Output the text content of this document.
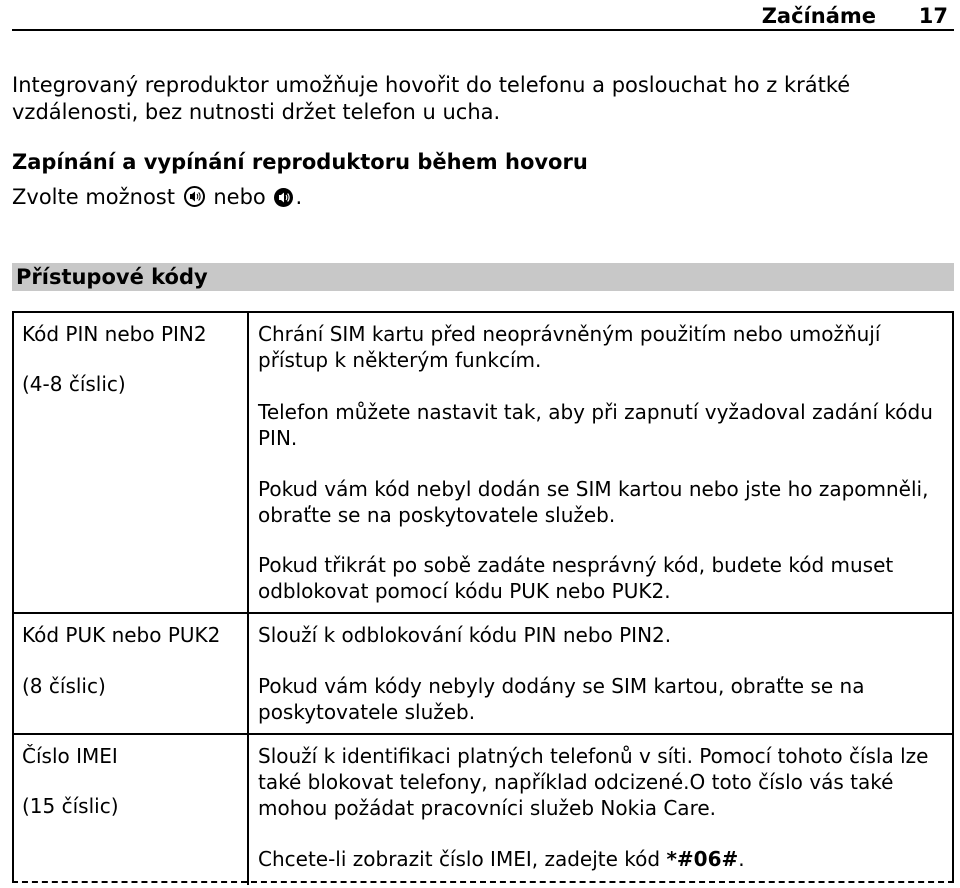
Začínáme 17
Integrovaný reproduktor umožňuje hovořit do telefonu a poslouchat ho z krátké vzdálenosti, bez nutnosti držet telefon u ucha.
Zapínání a vypínání reproduktoru během hovoru
Zvolte možnost nebo .
Přístupové kódy
Kód PIN nebo PIN2
(4-8 číslic)
Chrání SIM kartu před neoprávněným použitím nebo umožňují přístup k některým funkcím.
Telefon můžete nastavit tak, aby při zapnutí vyžadoval zadání kódu PIN.
Pokud vám kód nebyl dodán se SIM kartou nebo jste ho zapomněli, obraťte se na poskytovatele služeb.
Pokud třikrát po sobě zadáte nesprávný kód, budete kód muset odblokovat pomocí kódu PUK nebo PUK2.
Kód PUK nebo PUK2
(8 číslic)
Slouží k odblokování kódu PIN nebo PIN2.
Pokud vám kódy nebyly dodány se SIM kartou, obraťte se na poskytovatele služeb.
Číslo IMEI
(15 číslic)
Slouží k identifikaci platných telefonů v síti. Pomocí tohoto čísla lze také blokovat telefony, například odcizené.O toto číslo vás také mohou požádat pracovníci služeb Nokia Care.
Chcete-li zobrazit číslo IMEI, zadejte kód *#06#.
